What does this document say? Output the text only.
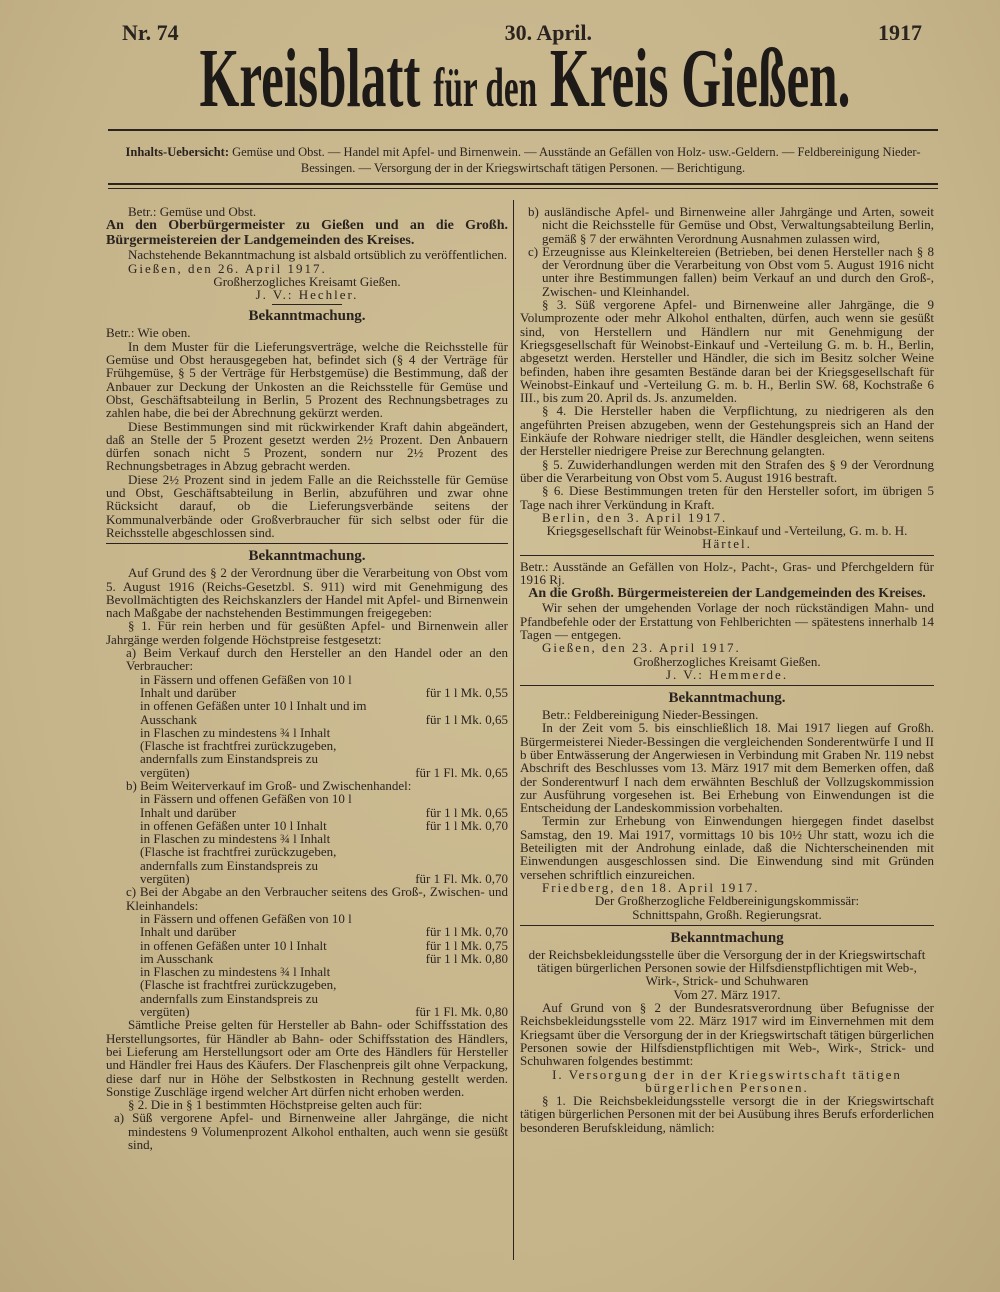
Nr. 74	30. April.	1917
Kreisblatt für den Kreis Gießen.
Inhalts-Uebersicht: Gemüse und Obst. — Handel mit Apfel- und Birnenwein. — Ausstände an Gefällen von Holz- usw.-Geldern. — Feldbereinigung Nieder-Bessingen. — Versorgung der in der Kriegswirtschaft tätigen Personen. — Berichtigung.

Betr.: Gemüse und Obst.

An den Oberbürgermeister zu Gießen und an die Großh. Bürgermeistereien der Landgemeinden des Kreises.

Nachstehende Bekanntmachung ist alsbald ortsüblich zu veröffentlichen.

Gießen, den 26. April 1917.

Großherzogliches Kreisamt Gießen.

J. V.: Hechler.

Bekanntmachung.

Betr.: Wie oben.

In dem Muster für die Lieferungsverträge, welche die Reichsstelle für Gemüse und Obst herausgegeben hat, befindet sich (§ 4 der Verträge für Frühgemüse, § 5 der Verträge für Herbstgemüse) die Bestimmung, daß der Anbauer zur Deckung der Unkosten an die Reichsstelle für Gemüse und Obst, Geschäftsabteilung in Berlin, 5 Prozent des Rechnungsbetrages zu zahlen habe, die bei der Abrechnung gekürzt werden.

Diese Bestimmungen sind mit rückwirkender Kraft dahin abgeändert, daß an Stelle der 5 Prozent gesetzt werden 2½ Prozent. Den Anbauern dürfen sonach nicht 5 Prozent, sondern nur 2½ Prozent des Rechnungsbetrages in Abzug gebracht werden.

Diese 2½ Prozent sind in jedem Falle an die Reichsstelle für Gemüse und Obst, Geschäftsabteilung in Berlin, abzuführen und zwar ohne Rücksicht darauf, ob die Lieferungsverbände seitens der Kommunalverbände oder Großverbraucher für sich selbst oder für die Reichsstelle abgeschlossen sind.

Bekanntmachung.

Auf Grund des § 2 der Verordnung über die Verarbeitung von Obst vom 5. August 1916 (Reichs-Gesetzbl. S. 911) wird mit Genehmigung des Bevollmächtigten des Reichskanzlers der Handel mit Apfel- und Birnenwein nach Maßgabe der nachstehenden Bestimmungen freigegeben:

§ 1. Für rein herben und für gesüßten Apfel- und Birnenwein aller Jahrgänge werden folgende Höchstpreise festgesetzt:

a) Beim Verkauf durch den Hersteller an den Handel oder an den Verbraucher:

in Fässern und offenen Gefäßen von 10 l Inhalt und darüber	für 1 l Mk. 0,55
in offenen Gefäßen unter 10 l Inhalt und im Ausschank	für 1 l Mk. 0,65
in Flaschen zu mindestens ¾ l Inhalt (Flasche ist frachtfrei zurückzugeben, andernfalls zum Einstandspreis zu vergüten)	für 1 Fl. Mk. 0,65

b) Beim Weiterverkauf im Groß- und Zwischenhandel:

in Fässern und offenen Gefäßen von 10 l Inhalt und darüber	für 1 l Mk. 0,65
in offenen Gefäßen unter 10 l Inhalt	für 1 l Mk. 0,70
in Flaschen zu mindestens ¾ l Inhalt (Flasche ist frachtfrei zurückzugeben, andernfalls zum Einstandspreis zu vergüten)	für 1 Fl. Mk. 0,70

c) Bei der Abgabe an den Verbraucher seitens des Groß-, Zwischen- und Kleinhandels:

in Fässern und offenen Gefäßen von 10 l Inhalt und darüber	für 1 l Mk. 0,70
in offenen Gefäßen unter 10 l Inhalt	für 1 l Mk. 0,75
im Ausschank	für 1 l Mk. 0,80
in Flaschen zu mindestens ¾ l Inhalt (Flasche ist frachtfrei zurückzugeben, andernfalls zum Einstandspreis zu vergüten)	für 1 Fl. Mk. 0,80

Sämtliche Preise gelten für Hersteller ab Bahn- oder Schiffsstation des Herstellungsortes, für Händler ab Bahn- oder Schiffsstation des Händlers, bei Lieferung am Herstellungsort oder am Orte des Händlers für Hersteller und Händler frei Haus des Käufers. Der Flaschenpreis gilt ohne Verpackung, diese darf nur in Höhe der Selbstkosten in Rechnung gestellt werden. Sonstige Zuschläge irgend welcher Art dürfen nicht erhoben werden.

§ 2. Die in § 1 bestimmten Höchstpreise gelten auch für:

a) Süß vergorene Apfel- und Birnenweine aller Jahrgänge, die nicht mindestens 9 Volumenprozent Alkohol enthalten, auch wenn sie gesüßt sind,

b) ausländische Apfel- und Birnenweine aller Jahrgänge und Arten, soweit nicht die Reichsstelle für Gemüse und Obst, Verwaltungsabteilung Berlin, gemäß § 7 der erwähnten Verordnung Ausnahmen zulassen wird,

c) Erzeugnisse aus Kleinkeltereien (Betrieben, bei denen Hersteller nach § 8 der Verordnung über die Verarbeitung von Obst vom 5. August 1916 nicht unter ihre Bestimmungen fallen) beim Verkauf an und durch den Groß-, Zwischen- und Kleinhandel.

§ 3. Süß vergorene Apfel- und Birnenweine aller Jahrgänge, die 9 Volumprozente oder mehr Alkohol enthalten, dürfen, auch wenn sie gesüßt sind, von Herstellern und Händlern nur mit Genehmigung der Kriegsgesellschaft für Weinobst-Einkauf und -Verteilung G. m. b. H., Berlin, abgesetzt werden. Hersteller und Händler, die sich im Besitz solcher Weine befinden, haben ihre gesamten Bestände daran bei der Kriegsgesellschaft für Weinobst-Einkauf und -Verteilung G. m. b. H., Berlin SW. 68, Kochstraße 6 III., bis zum 20. April ds. Js. anzumelden.

§ 4. Die Hersteller haben die Verpflichtung, zu niedrigeren als den angeführten Preisen abzugeben, wenn der Gestehungspreis sich an Hand der Einkäufe der Rohware niedriger stellt, die Händler desgleichen, wenn seitens der Hersteller niedrigere Preise zur Berechnung gelangten.

§ 5. Zuwiderhandlungen werden mit den Strafen des § 9 der Verordnung über die Verarbeitung von Obst vom 5. August 1916 bestraft.

§ 6. Diese Bestimmungen treten für den Hersteller sofort, im übrigen 5 Tage nach ihrer Verkündung in Kraft.

Berlin, den 3. April 1917.

Kriegsgesellschaft für Weinobst-Einkauf und -Verteilung, G. m. b. H.

Härtel.

Betr.: Ausstände an Gefällen von Holz-, Pacht-, Gras- und Pferchgeldern für 1916 Rj.

An die Großh. Bürgermeistereien der Landgemeinden des Kreises.

Wir sehen der umgehenden Vorlage der noch rückständigen Mahn- und Pfandbefehle oder der Erstattung von Fehlberichten — spätestens innerhalb 14 Tagen — entgegen.

Gießen, den 23. April 1917.

Großherzogliches Kreisamt Gießen.

J. V.: Hemmerde.

Bekanntmachung.

Betr.: Feldbereinigung Nieder-Bessingen.

In der Zeit vom 5. bis einschließlich 18. Mai 1917 liegen auf Großh. Bürgermeisterei Nieder-Bessingen die vergleichenden Sonderentwürfe I und II b über Entwässerung der Angerwiesen in Verbindung mit Graben Nr. 119 nebst Abschrift des Beschlusses vom 13. März 1917 mit dem Bemerken offen, daß der Sonderentwurf I nach dem erwähnten Beschluß der Vollzugskommission zur Ausführung vorgesehen ist. Bei Erhebung von Einwendungen ist die Entscheidung der Landeskommission vorbehalten.

Termin zur Erhebung von Einwendungen hiergegen findet daselbst Samstag, den 19. Mai 1917, vormittags 10 bis 10½ Uhr statt, wozu ich die Beteiligten mit der Androhung einlade, daß die Nichterscheinenden mit Einwendungen ausgeschlossen sind. Die Einwendung sind mit Gründen versehen schriftlich einzureichen.

Friedberg, den 18. April 1917.

Der Großherzogliche Feldbereinigungskommissär:

Schnittspahn, Großh. Regierungsrat.

Bekanntmachung

der Reichsbekleidungsstelle über die Versorgung der in der Kriegswirtschaft tätigen bürgerlichen Personen sowie der Hilfsdienstpflichtigen mit Web-, Wirk-, Strick- und Schuhwaren

Vom 27. März 1917.

Auf Grund von § 2 der Bundesratsverordnung über Befugnisse der Reichsbekleidungsstelle vom 22. März 1917 wird im Einvernehmen mit dem Kriegsamt über die Versorgung der in der Kriegswirtschaft tätigen bürgerlichen Personen sowie der Hilfsdienstpflichtigen mit Web-, Wirk-, Strick- und Schuhwaren folgendes bestimmt:

I. Versorgung der in der Kriegswirtschaft tätigen bürgerlichen Personen.

§ 1. Die Reichsbekleidungsstelle versorgt die in der Kriegswirtschaft tätigen bürgerlichen Personen mit der bei Ausübung ihres Berufs erforderlichen besonderen Berufskleidung, nämlich:
